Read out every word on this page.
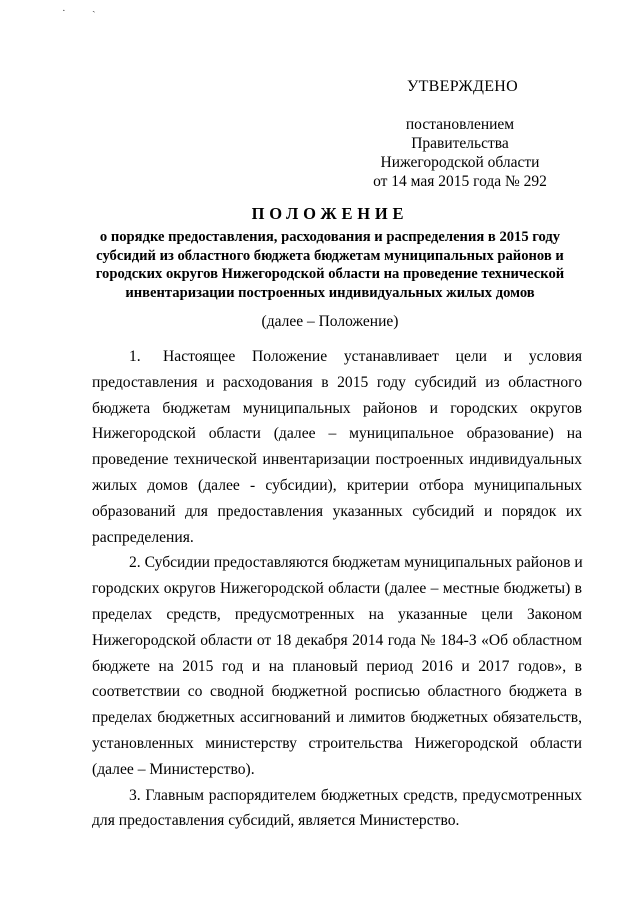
· ˏ
УТВЕРЖДЕНО
постановлением Правительства
Нижегородской области
от 14 мая 2015 года № 292
ПОЛОЖЕНИЕ
о порядке предоставления, расходования и распределения в 2015 году
субсидий из областного бюджета бюджетам муниципальных районов и
городских округов Нижегородской области на проведение технической
инвентаризации построенных индивидуальных жилых домов
(далее – Положение)
1.    Настоящее   Положение   устанавливает   цели   и   условия
предоставления и расходования в 2015 году субсидий из областного
бюджета бюджетам муниципальных районов и городских округов
Нижегородской области (далее – муниципальное образование) на
проведение технической инвентаризации построенных индивидуальных
жилых домов (далее - субсидии), критерии отбора муниципальных
образований для предоставления указанных субсидий и порядок их
распределения.
2. Субсидии предоставляются бюджетам муниципальных районов и
городских округов Нижегородской области (далее – местные бюджеты) в
пределах средств, предусмотренных на указанные цели Законом
Нижегородской области от 18 декабря 2014 года № 184-З «Об областном
бюджете на 2015 год и на плановый период 2016 и 2017 годов», в
соответствии со сводной бюджетной росписью областного бюджета в
пределах бюджетных ассигнований и лимитов бюджетных обязательств,
установленных министерству строительства Нижегородской области
(далее – Министерство).
3. Главным распорядителем бюджетных средств, предусмотренных
для предоставления субсидий, является Министерство.
